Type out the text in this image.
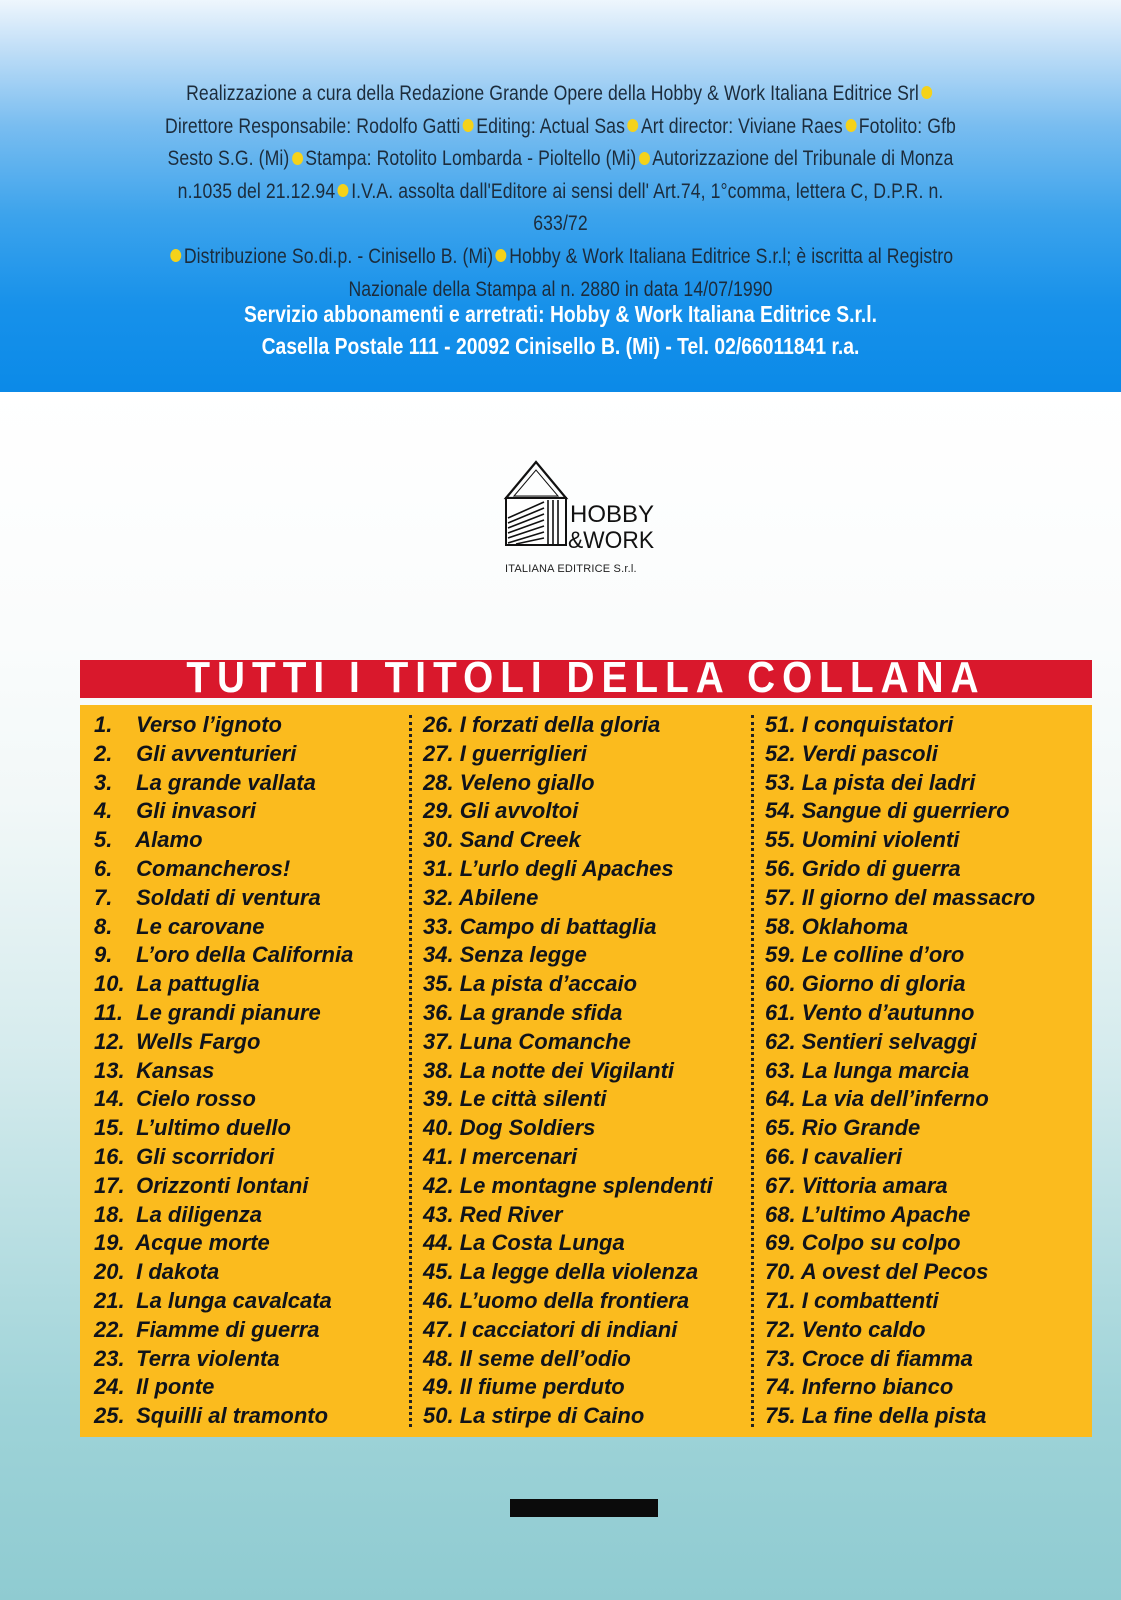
Realizzazione a cura della Redazione Grande Opere della Hobby & Work Italiana Editrice Srl
Direttore Responsabile: Rodolfo Gatti Editing: Actual Sas Art director: Viviane Raes Fotolito: Gfb
Sesto S.G. (Mi) Stampa: Rotolito Lombarda - Pioltello (Mi) Autorizzazione del Tribunale di Monza
n.1035 del 21.12.94 I.V.A. assolta dall'Editore ai sensi dell' Art.74, 1°comma, lettera C, D.P.R. n. 633/72
Distribuzione So.di.p. - Cinisello B. (Mi) Hobby & Work Italiana Editrice S.r.l; è iscritta al Registro
Nazionale della Stampa al n. 2880 in data 14/07/1990
Servizio abbonamenti e arretrati: Hobby & Work Italiana Editrice S.r.l.
Casella Postale 111 - 20092 Cinisello B. (Mi) - Tel. 02/66011841 r.a.
HOBBY
&WORK
ITALIANA EDITRICE S.r.l.
TUTTI I TITOLI DELLA COLLANA
1. Verso l’ignoto
2. Gli avventurieri
3. La grande vallata
4. Gli invasori
5. Alamo
6. Comancheros!
7. Soldati di ventura
8. Le carovane
9. L’oro della California
10. La pattuglia
11. Le grandi pianure
12. Wells Fargo
13. Kansas
14. Cielo rosso
15. L’ultimo duello
16. Gli scorridori
17. Orizzonti lontani
18. La diligenza
19. Acque morte
20. I dakota
21. La lunga cavalcata
22. Fiamme di guerra
23. Terra violenta
24. Il ponte
25. Squilli al tramonto
26. I forzati della gloria
27. I guerriglieri
28. Veleno giallo
29. Gli avvoltoi
30. Sand Creek
31. L’urlo degli Apaches
32. Abilene
33. Campo di battaglia
34. Senza legge
35. La pista d’accaio
36. La grande sfida
37. Luna Comanche
38. La notte dei Vigilanti
39. Le città silenti
40. Dog Soldiers
41. I mercenari
42. Le montagne splendenti
43. Red River
44. La Costa Lunga
45. La legge della violenza
46. L’uomo della frontiera
47. I cacciatori di indiani
48. Il seme dell’odio
49. Il fiume perduto
50. La stirpe di Caino
51. I conquistatori
52. Verdi pascoli
53. La pista dei ladri
54. Sangue di guerriero
55. Uomini violenti
56. Grido di guerra
57. Il giorno del massacro
58. Oklahoma
59. Le colline d’oro
60. Giorno di gloria
61. Vento d’autunno
62. Sentieri selvaggi
63. La lunga marcia
64. La via dell’inferno
65. Rio Grande
66. I cavalieri
67. Vittoria amara
68. L’ultimo Apache
69. Colpo su colpo
70. A ovest del Pecos
71. I combattenti
72. Vento caldo
73. Croce di fiamma
74. Inferno bianco
75. La fine della pista
